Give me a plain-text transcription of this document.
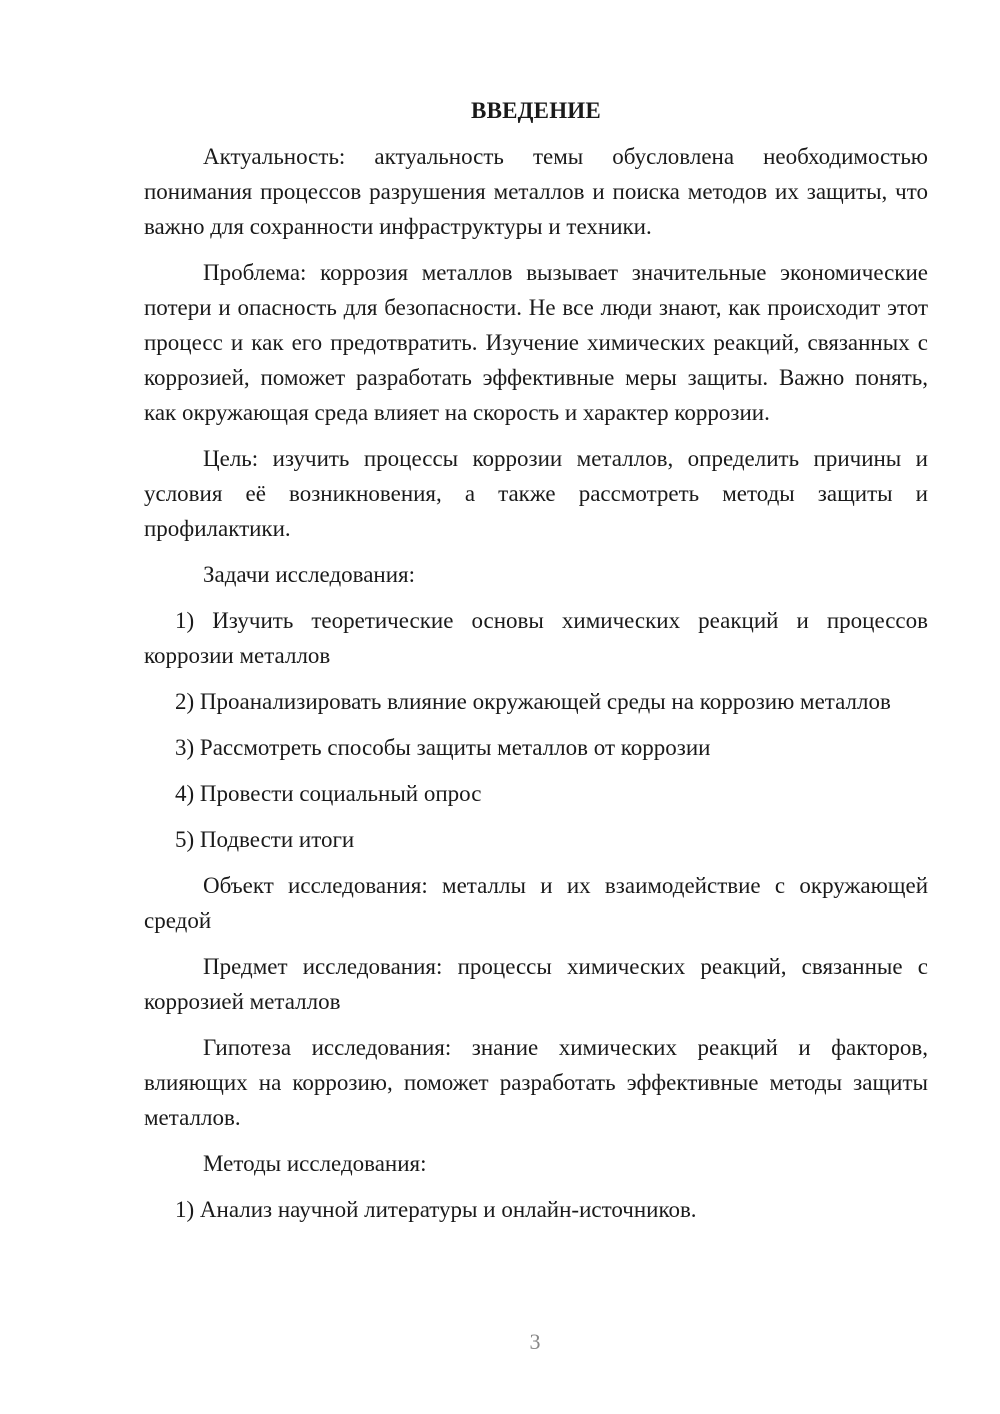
ВВЕДЕНИЕ

Актуальность: актуальность темы обусловлена необходимостью понимания процессов разрушения металлов и поиска методов их защиты, что важно для сохранности инфраструктуры и техники.

Проблема: коррозия металлов вызывает значительные экономические потери и опасность для безопасности. Не все люди знают, как происходит этот процесс и как его предотвратить. Изучение химических реакций, связанных с коррозией, поможет разработать эффективные меры защиты. Важно понять, как окружающая среда влияет на скорость и характер коррозии.

Цель: изучить процессы коррозии металлов, определить причины и условия её возникновения, а также рассмотреть методы защиты и профилактики.

Задачи исследования:

1) Изучить теоретические основы химических реакций и процессов коррозии металлов

2) Проанализировать влияние окружающей среды на коррозию металлов

3) Рассмотреть способы защиты металлов от коррозии

4) Провести социальный опрос

5) Подвести итоги

Объект исследования: металлы и их взаимодействие с окружающей средой

Предмет исследования: процессы химических реакций, связанные с коррозией металлов

Гипотеза исследования: знание химических реакций и факторов, влияющих на коррозию, поможет разработать эффективные методы защиты металлов.

Методы исследования:

1) Анализ научной литературы и онлайн-источников.

3
